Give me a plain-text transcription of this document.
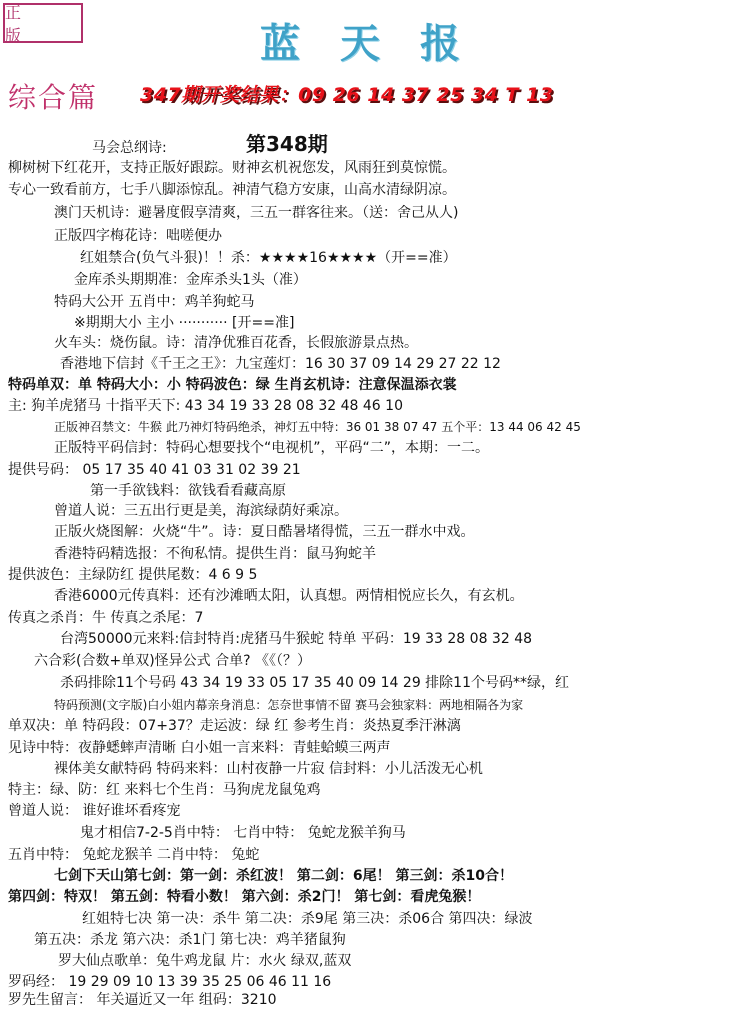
正 版	蓝天报
综合篇 347期开奖结果：09 26 14 37 25 34 T 13
第348期
马会总纲诗:
柳树树下红花开，支持正版好跟踪。财神玄机祝您发，风雨狂到莫惊慌。
专心一致看前方，七手八脚添惊乱。神清气稳方安康，山高水清绿阴凉。
澳门天机诗：避暑度假享清爽，三五一群客往来。（送：舍己从人)
正版四字梅花诗：咄嗟便办
红姐禁合(负气斗狠)！！杀：★★★★16★★★★（开==准）
金库杀头期期准：金库杀头1头（准）
特码大公开 五肖中：鸡羊狗蛇马
※期期大小 主小 ··········· [开==准]
火车头：烧伤鼠。诗：清净优雅百花香，长假旅游景点热。
香港地下信封《千王之王》：九宝莲灯：16 30 37 09 14 29 27 22 12
特码单双：单 特码大小：小 特码波色：绿 生肖玄机诗：注意保温添衣裳
主: 狗羊虎猪马 十指平天下: 43 34 19 33 28 08 32 48 46 10
正版神召禁文：牛猴 此乃神灯特码绝杀，神灯五中特：36 01 38 07 47 五个平：13 44 06 42 45
正版特平码信封：特码心想要找个“电视机”，平码“二”，本期：一二。
提供号码： 05 17 35 40 41 03 31 02 39 21
第一手欲钱料：欲钱看看藏高原
曾道人说：三五出行更是美，海滨绿荫好乘凉。
正版火烧图解：火烧“牛”。诗：夏日酷暑堵得慌，三五一群水中戏。
香港特码精选报：不徇私情。提供生肖：鼠马狗蛇羊
提供波色：主绿防红 提供尾数：4 6 9 5
香港6000元传真料：还有沙滩晒太阳，认真想。两情相悦应长久，有玄机。
传真之杀肖：牛 传真之杀尾：7
台湾50000元来料:信封特肖:虎猪马牛猴蛇 特单 平码：19 33 28 08 32 48
六合彩(合数+单双)怪异公式 合单? 《《（？）
杀码排除11个号码 43 34 19 33 05 17 35 40 09 14 29 排除11个号码**绿，红
特码预测(文字版)白小姐内幕亲身消息：怎奈世事情不留 赛马会独家料：两地相隔各为家
单双决：单 特码段：07+37？走运波：绿 红 参考生肖：炎热夏季汗淋漓
见诗中特：夜静蟋蟀声清晰 白小姐一言来料：青蛙蛤蟆三两声
裸体美女献特码 特码来料：山村夜静一片寂 信封料：小儿活泼无心机
特主：绿、防：红 来料七个生肖：马狗虎龙鼠兔鸡
曾道人说： 谁好谁坏看疼宠
鬼才相信7-2-5肖中特： 七肖中特： 兔蛇龙猴羊狗马
五肖中特： 兔蛇龙猴羊 二肖中特： 兔蛇
七剑下天山第七剑：第一剑：杀红波！ 第二剑：6尾！ 第三剑：杀10合！
第四剑：特双！ 第五剑：特看小数！ 第六剑：杀2门！ 第七剑：看虎兔猴！
红姐特七决 第一决：杀牛 第二决：杀9尾 第三决：杀06合 第四决：绿波
第五决：杀龙 第六决：杀1门 第七决：鸡羊猪鼠狗
罗大仙点歌单：兔牛鸡龙鼠 片：水火 绿双,蓝双
罗码经： 19 29 09 10 13 39 35 25 06 46 11 16
罗先生留言： 年关逼近又一年 组码：3210
